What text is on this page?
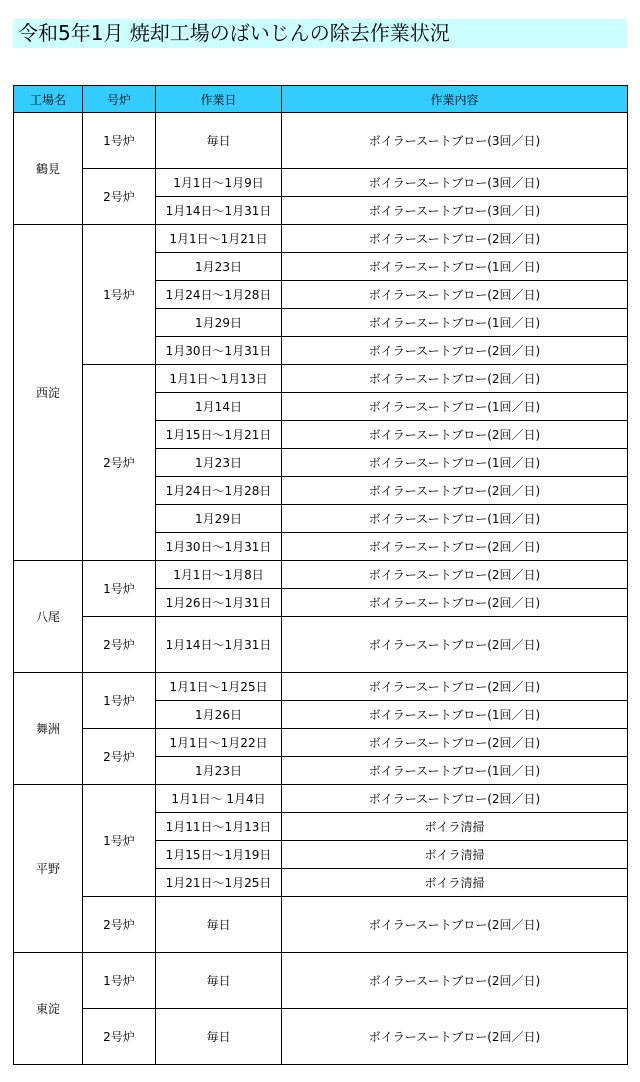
令和5年1月 焼却工場のばいじんの除去作業状況
工場名	号炉	作業日	作業内容
鶴見	1号炉	毎日	ボイラースートブロー(3回／日)
	2号炉	1月1日～1月9日	ボイラースートブロー(3回／日)
		1月14日～1月31日	ボイラースートブロー(3回／日)
西淀	1号炉	1月1日～1月21日	ボイラースートブロー(2回／日)
		1月23日	ボイラースートブロー(1回／日)
		1月24日～1月28日	ボイラースートブロー(2回／日)
		1月29日	ボイラースートブロー(1回／日)
		1月30日～1月31日	ボイラースートブロー(2回／日)
	2号炉	1月1日～1月13日	ボイラースートブロー(2回／日)
		1月14日	ボイラースートブロー(1回／日)
		1月15日～1月21日	ボイラースートブロー(2回／日)
		1月23日	ボイラースートブロー(1回／日)
		1月24日～1月28日	ボイラースートブロー(2回／日)
		1月29日	ボイラースートブロー(1回／日)
		1月30日～1月31日	ボイラースートブロー(2回／日)
八尾	1号炉	1月1日～1月8日	ボイラースートブロー(2回／日)
		1月26日～1月31日	ボイラースートブロー(2回／日)
	2号炉	1月14日～1月31日	ボイラースートブロー(2回／日)
舞洲	1号炉	1月1日～1月25日	ボイラースートブロー(2回／日)
		1月26日	ボイラースートブロー(1回／日)
	2号炉	1月1日～1月22日	ボイラースートブロー(2回／日)
		1月23日	ボイラースートブロー(1回／日)
平野	1号炉	1月1日～ 1月4日	ボイラースートブロー(2回／日)
		1月11日～1月13日	ボイラ清掃
		1月15日～1月19日	ボイラ清掃
		1月21日～1月25日	ボイラ清掃
	2号炉	毎日	ボイラースートブロー(2回／日)
東淀	1号炉	毎日	ボイラースートブロー(2回／日)
	2号炉	毎日	ボイラースートブロー(2回／日)
